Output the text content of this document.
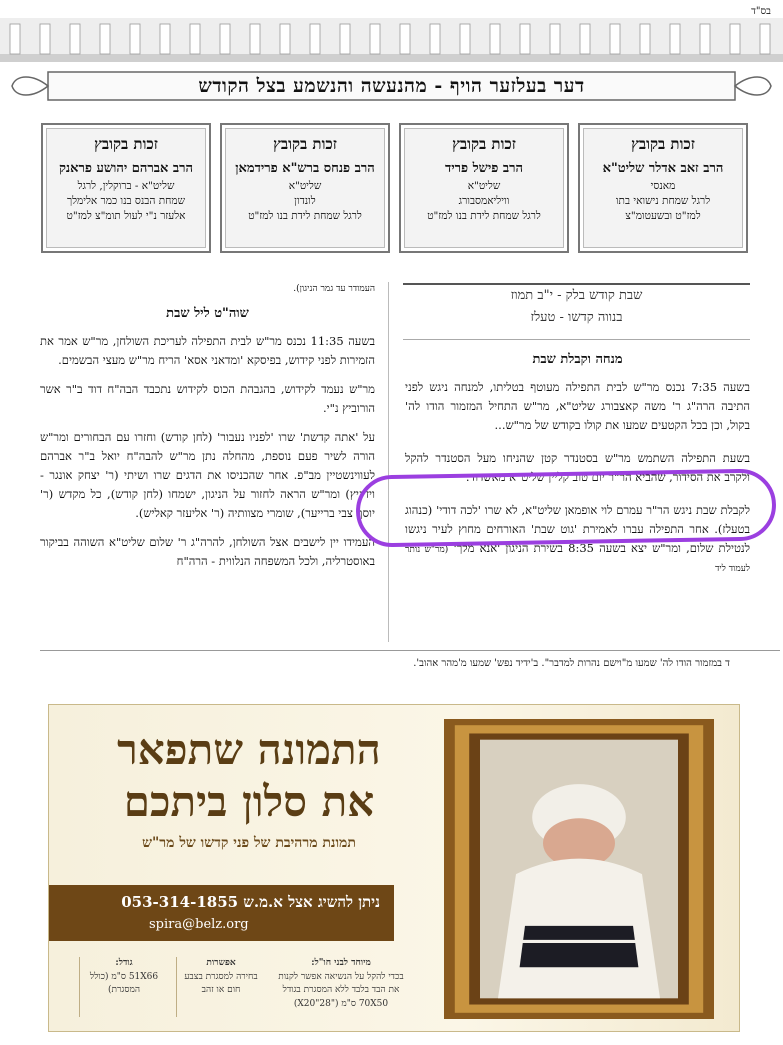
בס"ד
דער בעלזער הויף - מהנעשה והנשמע בצל הקודש
זכות בקובץ
הרב זאב אדלר שליט"א
מאנסי
לרגל שמחת נישואי בתו
למז"ט ובשעטומ"צ
זכות בקובץ
הרב פישל פריד
שליט"א
וויליאמסבורג
לרגל שמחת לידת בנו למז"ט
זכות בקובץ
הרב פנחס ברש"א פרידמאן
שליט"א
לונדון
לרגל שמחת לידת בנו למז"ט
זכות בקובץ
הרב אברהם יהושע פראנק
שליט"א - ברוקלין, לרגל
שמחת הבנס בנו כמר אלימלך
אלעזר נ"י לעול תומ"צ למז"ט
שבת קודש בלק - י"ב תמוז
בנווה קדשו - טעלז
מנחה וקבלת שבת

בשעה 7:35 נכנס מר"ש לבית התפילה מעוטף בטליתו, למנחה ניגש לפני התיבה הרה"ג ר' משה קאצבורג שליט"א, מר"ש התחיל המזמור הודו לה' בקול, וכן בכל הקטעים שמעו את קולו בקודש של מר"ש...

בשעת התפילה השתמש מר"ש בסטנדר קטן שהניחו מעל הסטנדר להקל ולקרב את הסידור, שהביא הר"ר יום טוב קליין שליט"א מאשדוד.

לקבלת שבת ניגש הר"ר עמרם לוי אופמאן שליט"א, לא שרו 'לכה דודי' (כנהוג בטעלז). אחר התפילה עברו לאמירת 'גוט שבת' האורחים מחוץ לעיר ניגשו לנטילת שלום, ומר"ש יצא בשעה 8:35 בשירת הניגון 'אנא מלך' (מר"ש נותר לעמוד ליד

העמודר עד גמר הניגון).
שוה"ט ליל שבת

בשעה 11:35 נכנס מר"ש לבית התפילה לעריכת השולחן, מר"ש אמר את הזמירות לפני קידוש, בפיסקא 'ומדאני אסא' הריח מר"ש מעצי הבשמים.

מר"ש נעמד לקידוש, בהגבהת הכוס לקידוש נתכבד הבה"ח דוד ב"ר אשר הורוביץ נ"י.

על 'אתה קדשת' שרו 'לפניו נעבור' (לחן קודש) וחזרו עם הבחורים ומר"ש הורה לשיר פעם נוספת, מהחלה נתן מר"ש להבה"ח יואל ב"ר אברהם לעווינשטיין מב"פ. אחר שהכניסו את הדגים שרו ושיתי (ר' יצחק אונגר - ויז'ניץ) ומר"ש הראה לחזור על הניגון, ישמחו (לחן קודש), כל מקדש (ר' יוסף צבי ברייער), שומרי מצוותיה (ר' אליעזר קאליש).

העמידו יין לישבים אצל השולחן, להרה"ג ר' שלום שליט"א השוהה בביקור באוסטרליה, ולכל המשפחה הנלווית - הרה"ח

ד במזמור הודו לה' שמעו מ"וישם נהרות למדבר". ב'ידיד נפש' שמעו מ'מהר אהוב'.
התמונה שתפאר
את סלון ביתכם
תמונת מרהיבת של פני קדשו של מר"ש
ניתן להשיג אצל א.מ.ש 053-314-1855
spira@belz.org
גודל:
51X66 ס"מ (כולל המסגרת)
אפשרות
בחירה למסגרת בצבע חום או זהב
מיוחד לבני חו"ל:
בכדי להקל על הנשיאה אפשר לקנות את הבד בלבד ללא המסגרת בגודל 70X50 ס"מ ("28"X20)
